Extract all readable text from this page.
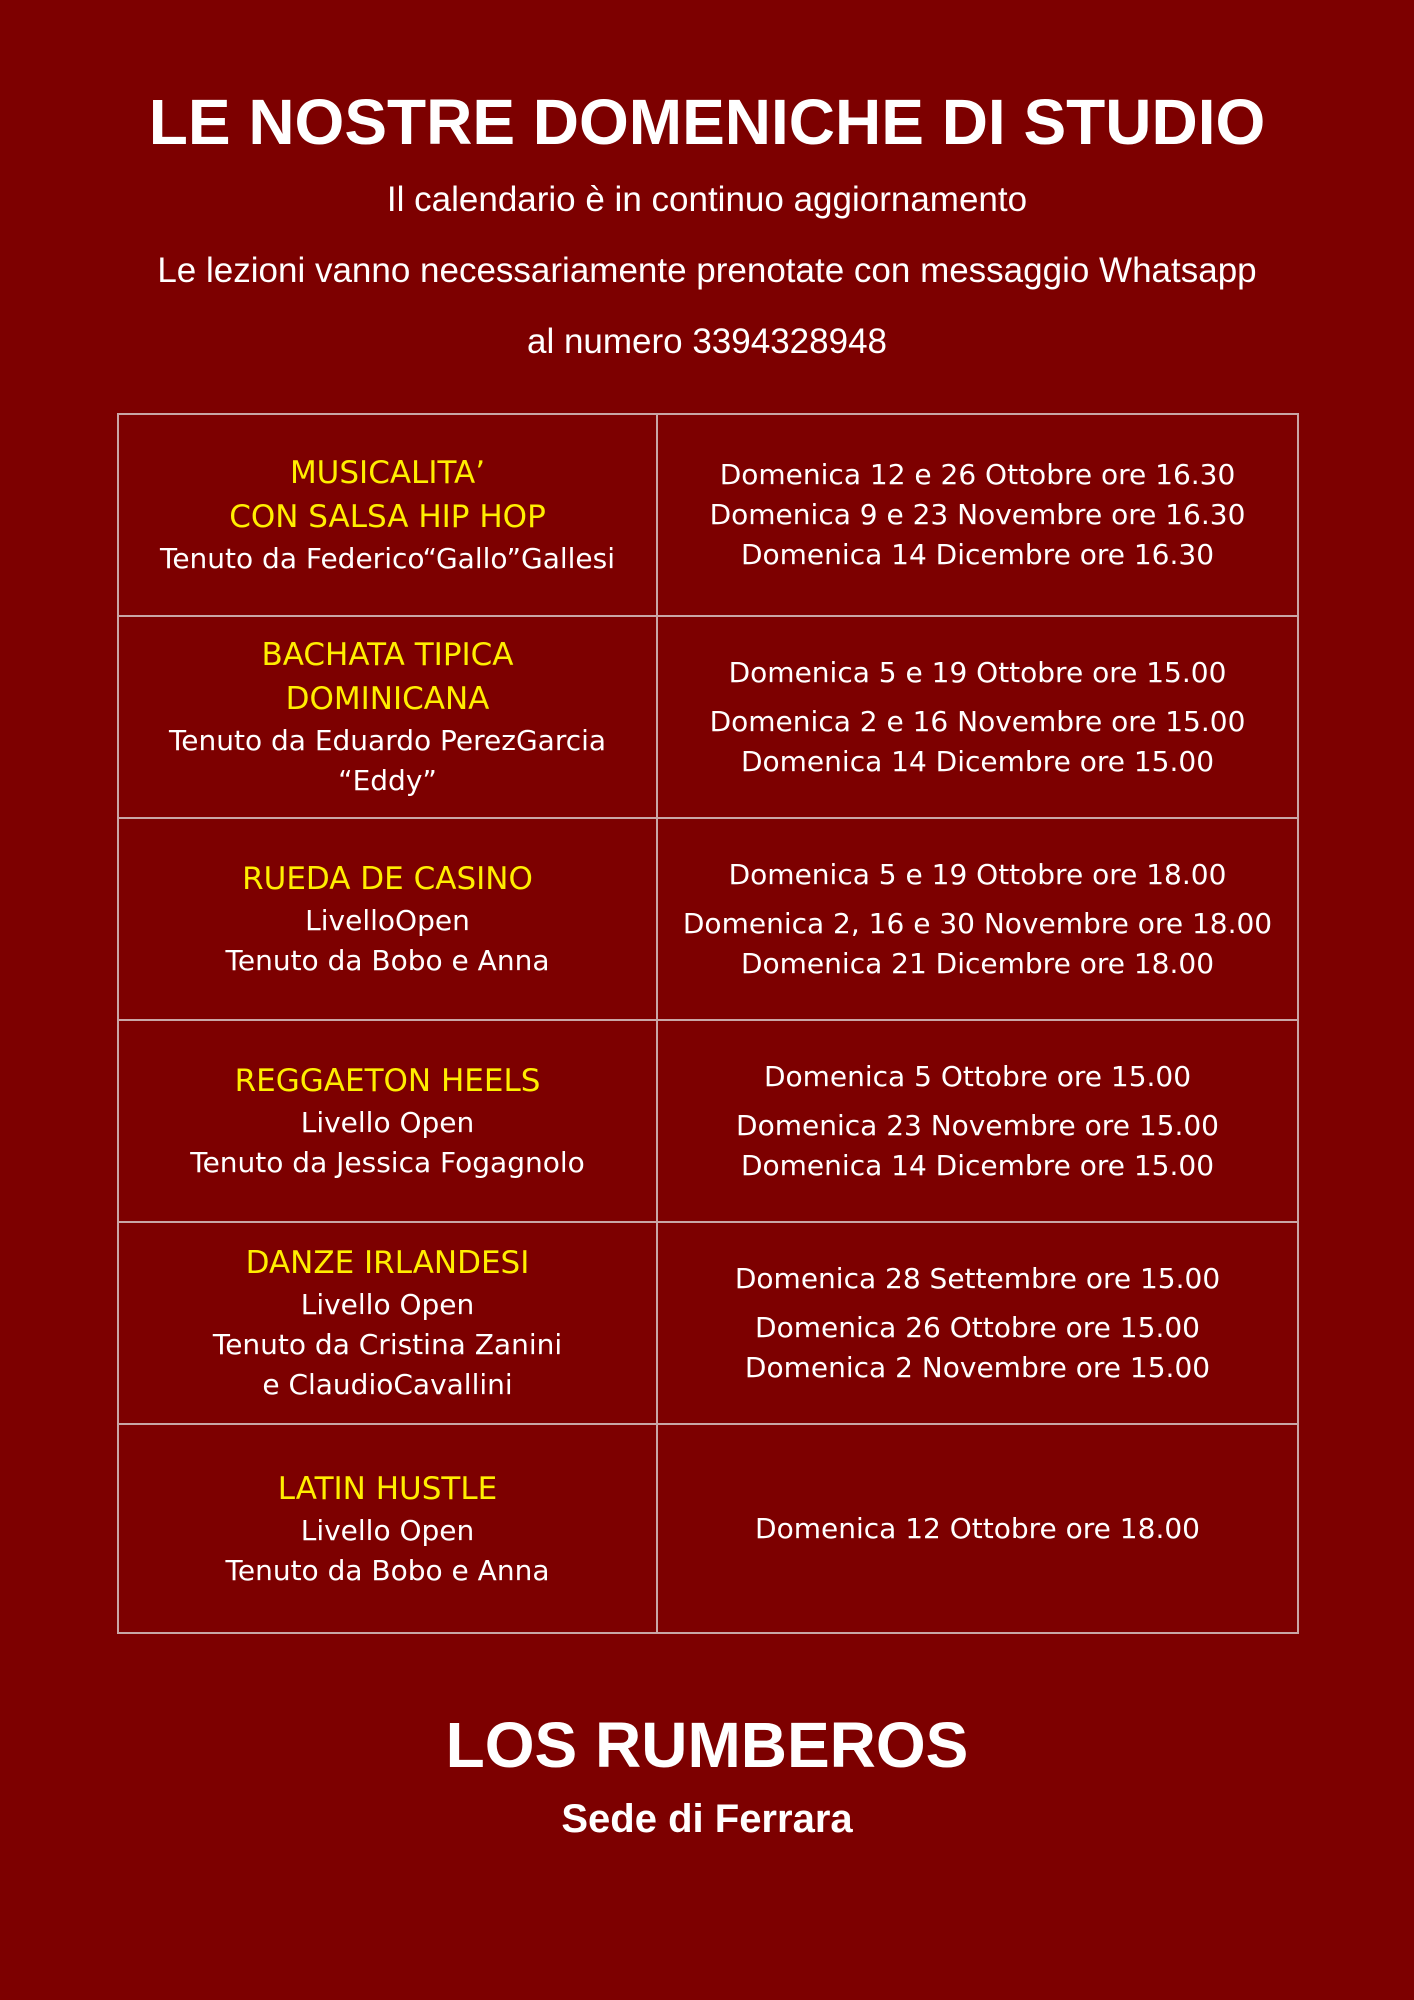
LE NOSTRE DOMENICHE DI STUDIO

Il calendario è in continuo aggiornamento

Le lezioni vanno necessariamente prenotate con messaggio Whatsapp

al numero 3394328948

MUSICALITA’
CON SALSA HIP HOP
Tenuto da Federico“Gallo”Gallesi	Domenica 12 e 26 Ottobre ore 16.30
Domenica 9 e 23 Novembre ore 16.30
Domenica 14 Dicembre ore 16.30

BACHATA TIPICA
DOMINICANA
Tenuto da Eduardo PerezGarcia
“Eddy”	Domenica 5 e 19 Ottobre ore 15.00
Domenica 2 e 16 Novembre ore 15.00
Domenica 14 Dicembre ore 15.00

RUEDA DE CASINO
LivelloOpen
Tenuto da Bobo e Anna	Domenica 5 e 19 Ottobre ore 18.00
Domenica 2, 16 e 30 Novembre ore 18.00
Domenica 21 Dicembre ore 18.00

REGGAETON HEELS
Livello Open
Tenuto da Jessica Fogagnolo	Domenica 5 Ottobre ore 15.00
Domenica 23 Novembre ore 15.00
Domenica 14 Dicembre ore 15.00

DANZE IRLANDESI
Livello Open
Tenuto da Cristina Zanini
e ClaudioCavallini	Domenica 28 Settembre ore 15.00
Domenica 26 Ottobre ore 15.00
Domenica 2 Novembre ore 15.00

LATIN HUSTLE
Livello Open
Tenuto da Bobo e Anna	Domenica 12 Ottobre ore 18.00
LOS RUMBEROS

Sede di Ferrara
